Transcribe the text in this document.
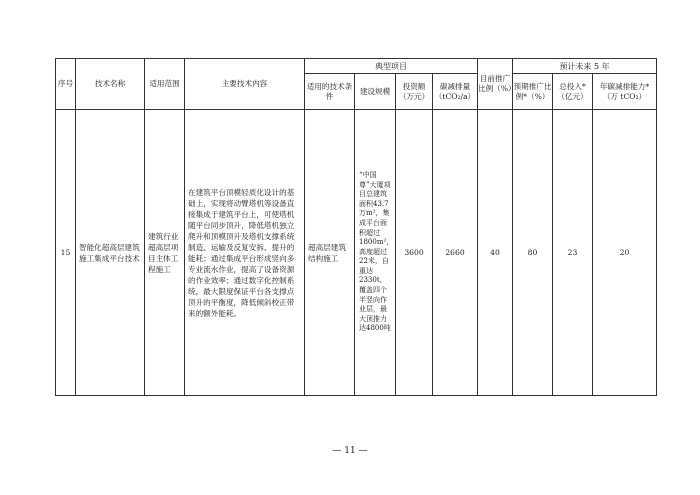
序号	技术名称	适用范围	主要技术内容	典型项目				目前推广比例（%）	预计未来 5 年		
				适用的技术条件	建设规模	投资额（万元）	碳减排量（tCO₂/a）		预期推广比例*（%）	总投入*（亿元）	年碳减排能力*（万 tCO₂）
15	智能化超高层建筑施工集成平台技术	建筑行业超高层项目主体工程施工	在建筑平台顶模轻质化设计的基础上，实现将动臂塔机等设备直接集成于建筑平台上，可使塔机随平台同步顶升，降低塔机独立爬升和顶模顶升及塔机支撑系统制造、运输及反复安拆、提升的能耗；通过集成平台形成竖向多专业流水作业，提高了设备资源的作业效率；通过数字化控制系统，最大限度保证平台各支撑点顶升的平衡度，降低倾斜校正带来的额外能耗。	超高层建筑结构施工	“中国尊”大厦项目总建筑面积43.7万m²，集成平台面积超过1800m²，高度超过22米，自重达2330t，覆盖四个半竖向作业层，最大顶推力达4800吨	3600	2660	40	80	23	20
— 11 —
